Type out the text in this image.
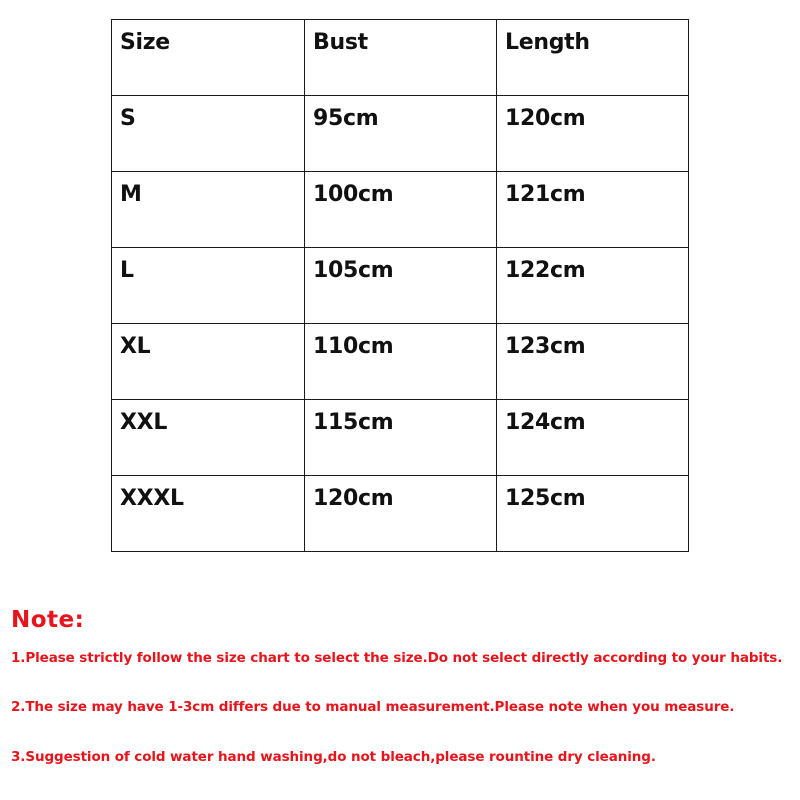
Size	Bust	Length
S	95cm	120cm
M	100cm	121cm
L	105cm	122cm
XL	110cm	123cm
XXL	115cm	124cm
XXXL	120cm	125cm
Note:
1.Please strictly follow the size chart to select the size.Do not select directly according to your habits.
2.The size may have 1-3cm differs due to manual measurement.Please note when you measure.
3.Suggestion of cold water hand washing,do not bleach,please rountine dry cleaning.
